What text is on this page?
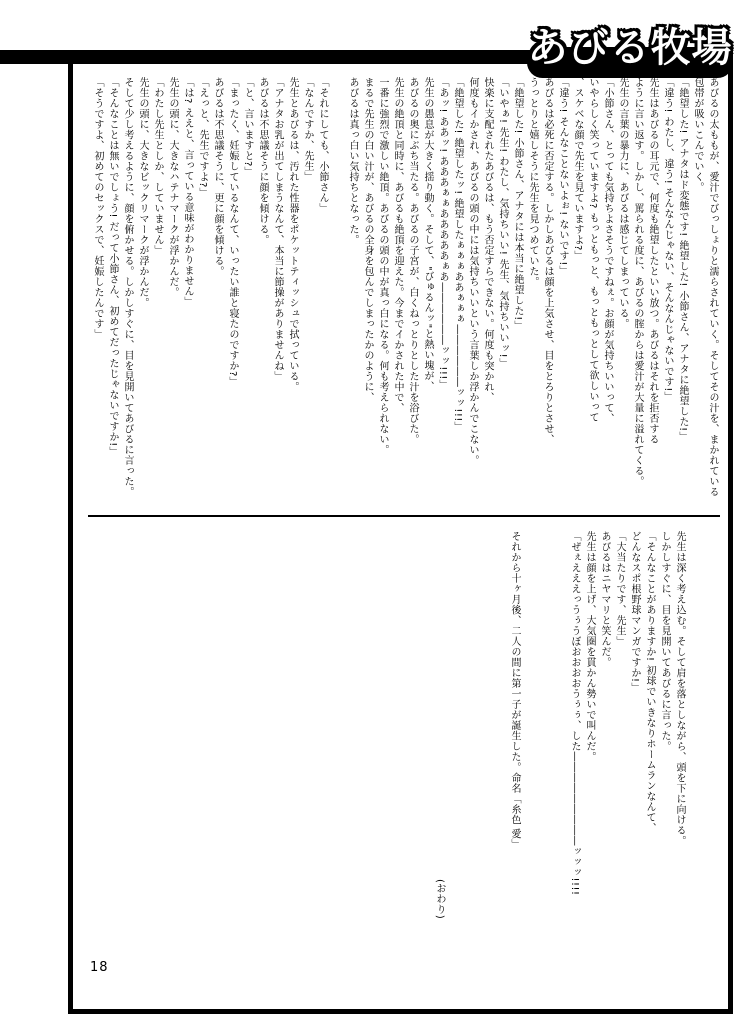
あびる牧場
あびるの太ももが、愛汁でびっしょりと濡らされていく。そしてその汁を、まかれている
包帯が吸いこんでいく。
「絶望した! アナタはド変態です! 絶望した! 小節さん、アナタに絶望した!」
「違う! わたし、違う! そんなんじゃない、そんなんじゃないです!」
先生はあびるの耳元で、何度も絶望したといい放つ。あびるはそれを拒否する
ように言い返す。しかし、罵られる度に、あびるの腟からは愛汁が大量に溢れてくる。
先生の言葉の暴力に、あびるは感じてしまっている。
「小節さん、とっても気持ちよさそうですねぇ。お顔が気持ちいいって、
いやらしく笑っていますよ? もっともっと、もっともっとして欲しいって
、スケベな顔で先生を見ていますよ?」
「違う! そんなことないよぉ! ないです!」
あびるは必死に否定する。しかしあびるは顔を上気させ、目をとろりとさせ、
うっとりと嬉しそうに先生を見つめていた。
「絶望した! 小節さん、アナタには本当に絶望した!」
「いやぁ! 先生! わたし、気持ちいい! 先生、気持ちいいッ!」
快楽に支配されたあびるは、もう否定すらできない。何度も突かれ、
何度もイかされ、あびるの頭の中には気持ちいいという言葉しか浮かんでこない。
「絶望した! 絶望したッ! 絶望したぁぁぁああぁぁぁ――――――ッッ!!!」
「あッ! ああッ! あああぁぁあああああぁあ――――――ッッ!!!」
先生の愚息が大きく揺り動く。そして、"びゅるんッ"と熱い塊が、
あびるの奥にぶち当たる。あびるの子宮が、白くねっとりとした汁を浴びた。
先生の絶頂と同時に、あびるも絶頂を迎えた。今までイかされた中で、
一番に強烈で激しい絶頂。あびるの頭の中が真っ白になる。何も考えられない。
まるで先生の白い汁が、あびるの全身を包んでしまったかのように、
あびるは真っ白い気持ちとなった。
「それにしても、小節さん」
「なんですか、先生」
先生とあびるは、汚れた性器をポケットティッシュで拭っている。
「アナタお乳が出てしまうなんて、本当に節操がありませんね」
あびるは不思議そうに顔を傾ける。
「と、言いますと?」
「まったく、妊娠しているなんて、いったい誰と寝たのですか?」
あびるは不思議そうに、更に顔を傾ける。
「えっと、先生ですよ?」
「は? ええと、言っている意味がわかりません」
先生の頭に、大きなハテナマークが浮かんだ。
「わたし先生としか、していません」
先生の頭に、大きなビックリマークが浮かんだ。
そして少し考えるように、顔を俯かせる。しかしすぐに、目を見開いてあびるに言った。
「そんなことは無いでしょう! だって小節さん、初めてだったじゃないですか!」
「そうですよ、初めてのセックスで、妊娠したんです」
先生は深く考え込む。そして肩を落としながら、頭を下に向ける。
しかしすぐに、目を見開いてあびるに言った。
「そんなことがありますか! 初球でいきなりホームランなんて、
どんなスポ根野球マンガですか!」
「大当たりです、先生」
あびるはニヤマリと笑んだ。
先生は顔を上げ、大気圏を貫かん勢いで叫んだ。
「ぜぇえええっうぅうぼおおおおうぅぅ、した―――――――――ッッッ!!!!
それから十ヶ月後、二人の間に第一子が誕生した。命名「糸色 愛」
(おわり)
18
